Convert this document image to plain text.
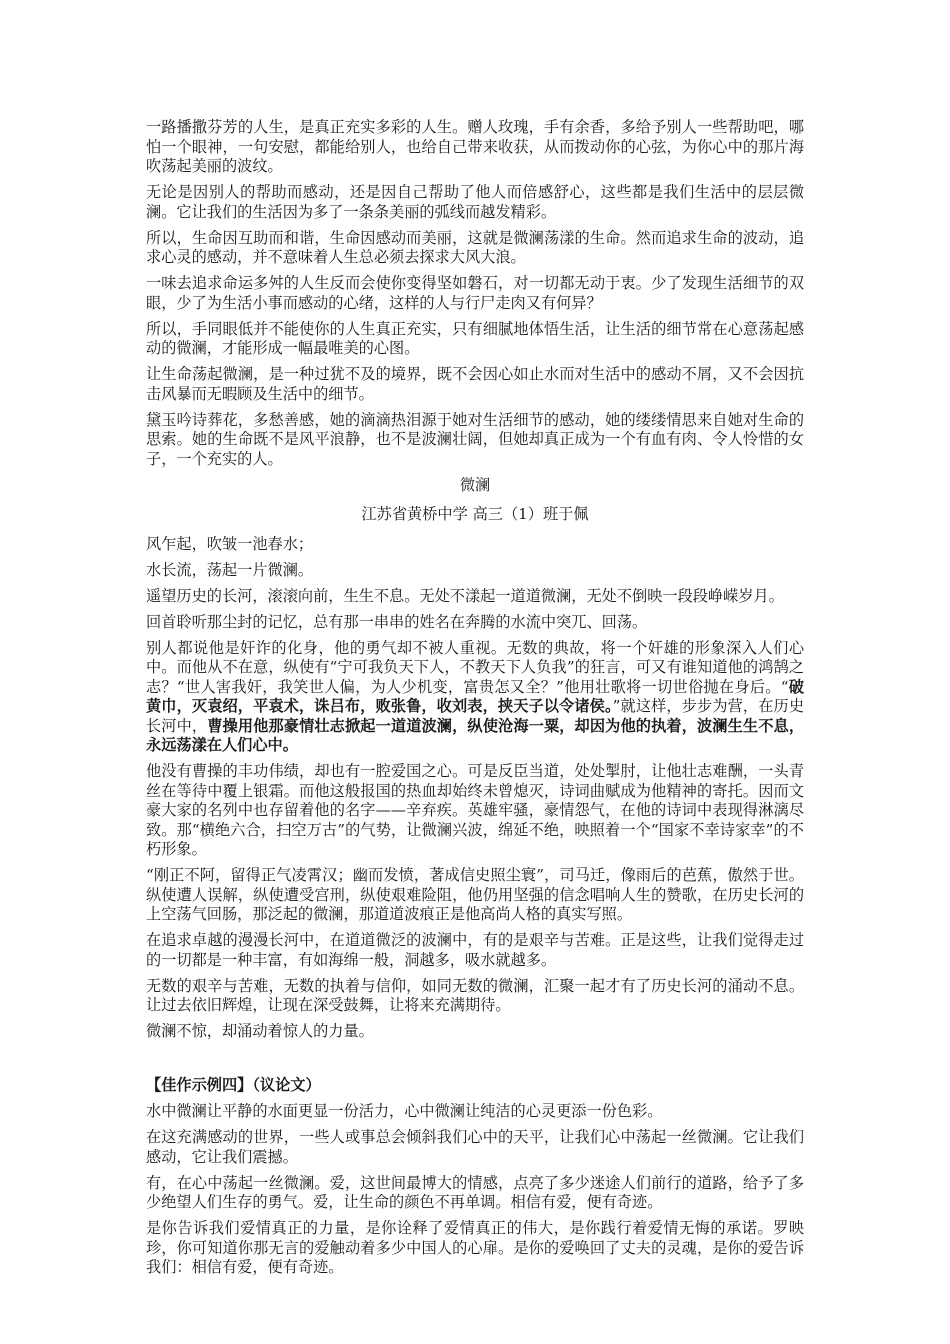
一路播撒芬芳的人生，是真正充实多彩的人生。赠人玫瑰，手有余香，多给予别人一些帮助吧，哪怕一个眼神，一句安慰，都能给别人，也给自己带来收获，从而拨动你的心弦，为你心中的那片海吹荡起美丽的波纹。

无论是因别人的帮助而感动，还是因自己帮助了他人而倍感舒心，这些都是我们生活中的层层微澜。它让我们的生活因为多了一条条美丽的弧线而越发精彩。

所以，生命因互助而和谐，生命因感动而美丽，这就是微澜荡漾的生命。然而追求生命的波动，追求心灵的感动，并不意味着人生总必须去探求大风大浪。

一味去追求命运多舛的人生反而会使你变得坚如磐石，对一切都无动于衷。少了发现生活细节的双眼，少了为生活小事而感动的心绪，这样的人与行尸走肉又有何异？

所以，手同眼低并不能使你的人生真正充实，只有细腻地体悟生活，让生活的细节常在心意荡起感动的微澜，才能形成一幅最唯美的心图。

让生命荡起微澜，是一种过犹不及的境界，既不会因心如止水而对生活中的感动不屑，又不会因抗击风暴而无暇顾及生活中的细节。

黛玉吟诗葬花，多愁善感，她的滴滴热泪源于她对生活细节的感动，她的缕缕情思来自她对生命的思索。她的生命既不是风平浪静，也不是波澜壮阔，但她却真正成为一个有血有肉、令人怜惜的女子，一个充实的人。

微澜
江苏省黄桥中学 高三（1）班于佩

风乍起，吹皱一池春水；

水长流，荡起一片微澜。

遥望历史的长河，滚滚向前，生生不息。无处不漾起一道道微澜，无处不倒映一段段峥嵘岁月。

回首聆听那尘封的记忆，总有那一串串的姓名在奔腾的水流中突兀、回荡。

别人都说他是奸诈的化身，他的勇气却不被人重视。无数的典故，将一个奸雄的形象深入人们心中。而他从不在意，纵使有“宁可我负天下人，不教天下人负我”的狂言，可又有谁知道他的鸿鹄之志？“世人害我奸，我笑世人偏，为人少机变，富贵怎又全？”他用壮歌将一切世俗抛在身后。“破黄巾，灭袁绍，平袁术，诛吕布，败张鲁，收刘表，挟天子以令诸侯。”就这样，步步为营，在历史长河中，曹操用他那豪情壮志掀起一道道波澜，纵使沧海一粟，却因为他的执着，波澜生生不息，永远荡漾在人们心中。

他没有曹操的丰功伟绩，却也有一腔爱国之心。可是反臣当道，处处掣肘，让他壮志难酬，一头青丝在等待中覆上银霜。而他这般报国的热血却始终未曾熄灭，诗词曲赋成为他精神的寄托。因而文豪大家的名列中也存留着他的名字——辛弃疾。英雄牢骚，豪情怨气，在他的诗词中表现得淋漓尽致。那“横绝六合，扫空万古”的气势，让微澜兴波，绵延不绝，映照着一个“国家不幸诗家幸”的不朽形象。

“刚正不阿，留得正气凌霄汉；幽而发愤，著成信史照尘寰”，司马迁，像雨后的芭蕉，傲然于世。纵使遭人误解，纵使遭受宫刑，纵使艰难险阻，他仍用坚强的信念唱响人生的赞歌，在历史长河的上空荡气回肠，那泛起的微澜，那道道波痕正是他高尚人格的真实写照。

在追求卓越的漫漫长河中，在道道微泛的波澜中，有的是艰辛与苦难。正是这些，让我们觉得走过的一切都是一种丰富，有如海绵一般，洞越多，吸水就越多。

无数的艰辛与苦难，无数的执着与信仰，如同无数的微澜，汇聚一起才有了历史长河的涌动不息。让过去依旧辉煌，让现在深受鼓舞，让将来充满期待。

微澜不惊，却涌动着惊人的力量。

【佳作示例四】（议论文）

水中微澜让平静的水面更显一份活力，心中微澜让纯洁的心灵更添一份色彩。

在这充满感动的世界，一些人或事总会倾斜我们心中的天平，让我们心中荡起一丝微澜。它让我们感动，它让我们震撼。

有，在心中荡起一丝微澜。爱，这世间最博大的情感，点亮了多少迷途人们前行的道路，给予了多少绝望人们生存的勇气。爱，让生命的颜色不再单调。相信有爱，便有奇迹。

是你告诉我们爱情真正的力量，是你诠释了爱情真正的伟大，是你践行着爱情无悔的承诺。罗映珍，你可知道你那无言的爱触动着多少中国人的心扉。是你的爱唤回了丈夫的灵魂，是你的爱告诉我们：相信有爱，便有奇迹。
